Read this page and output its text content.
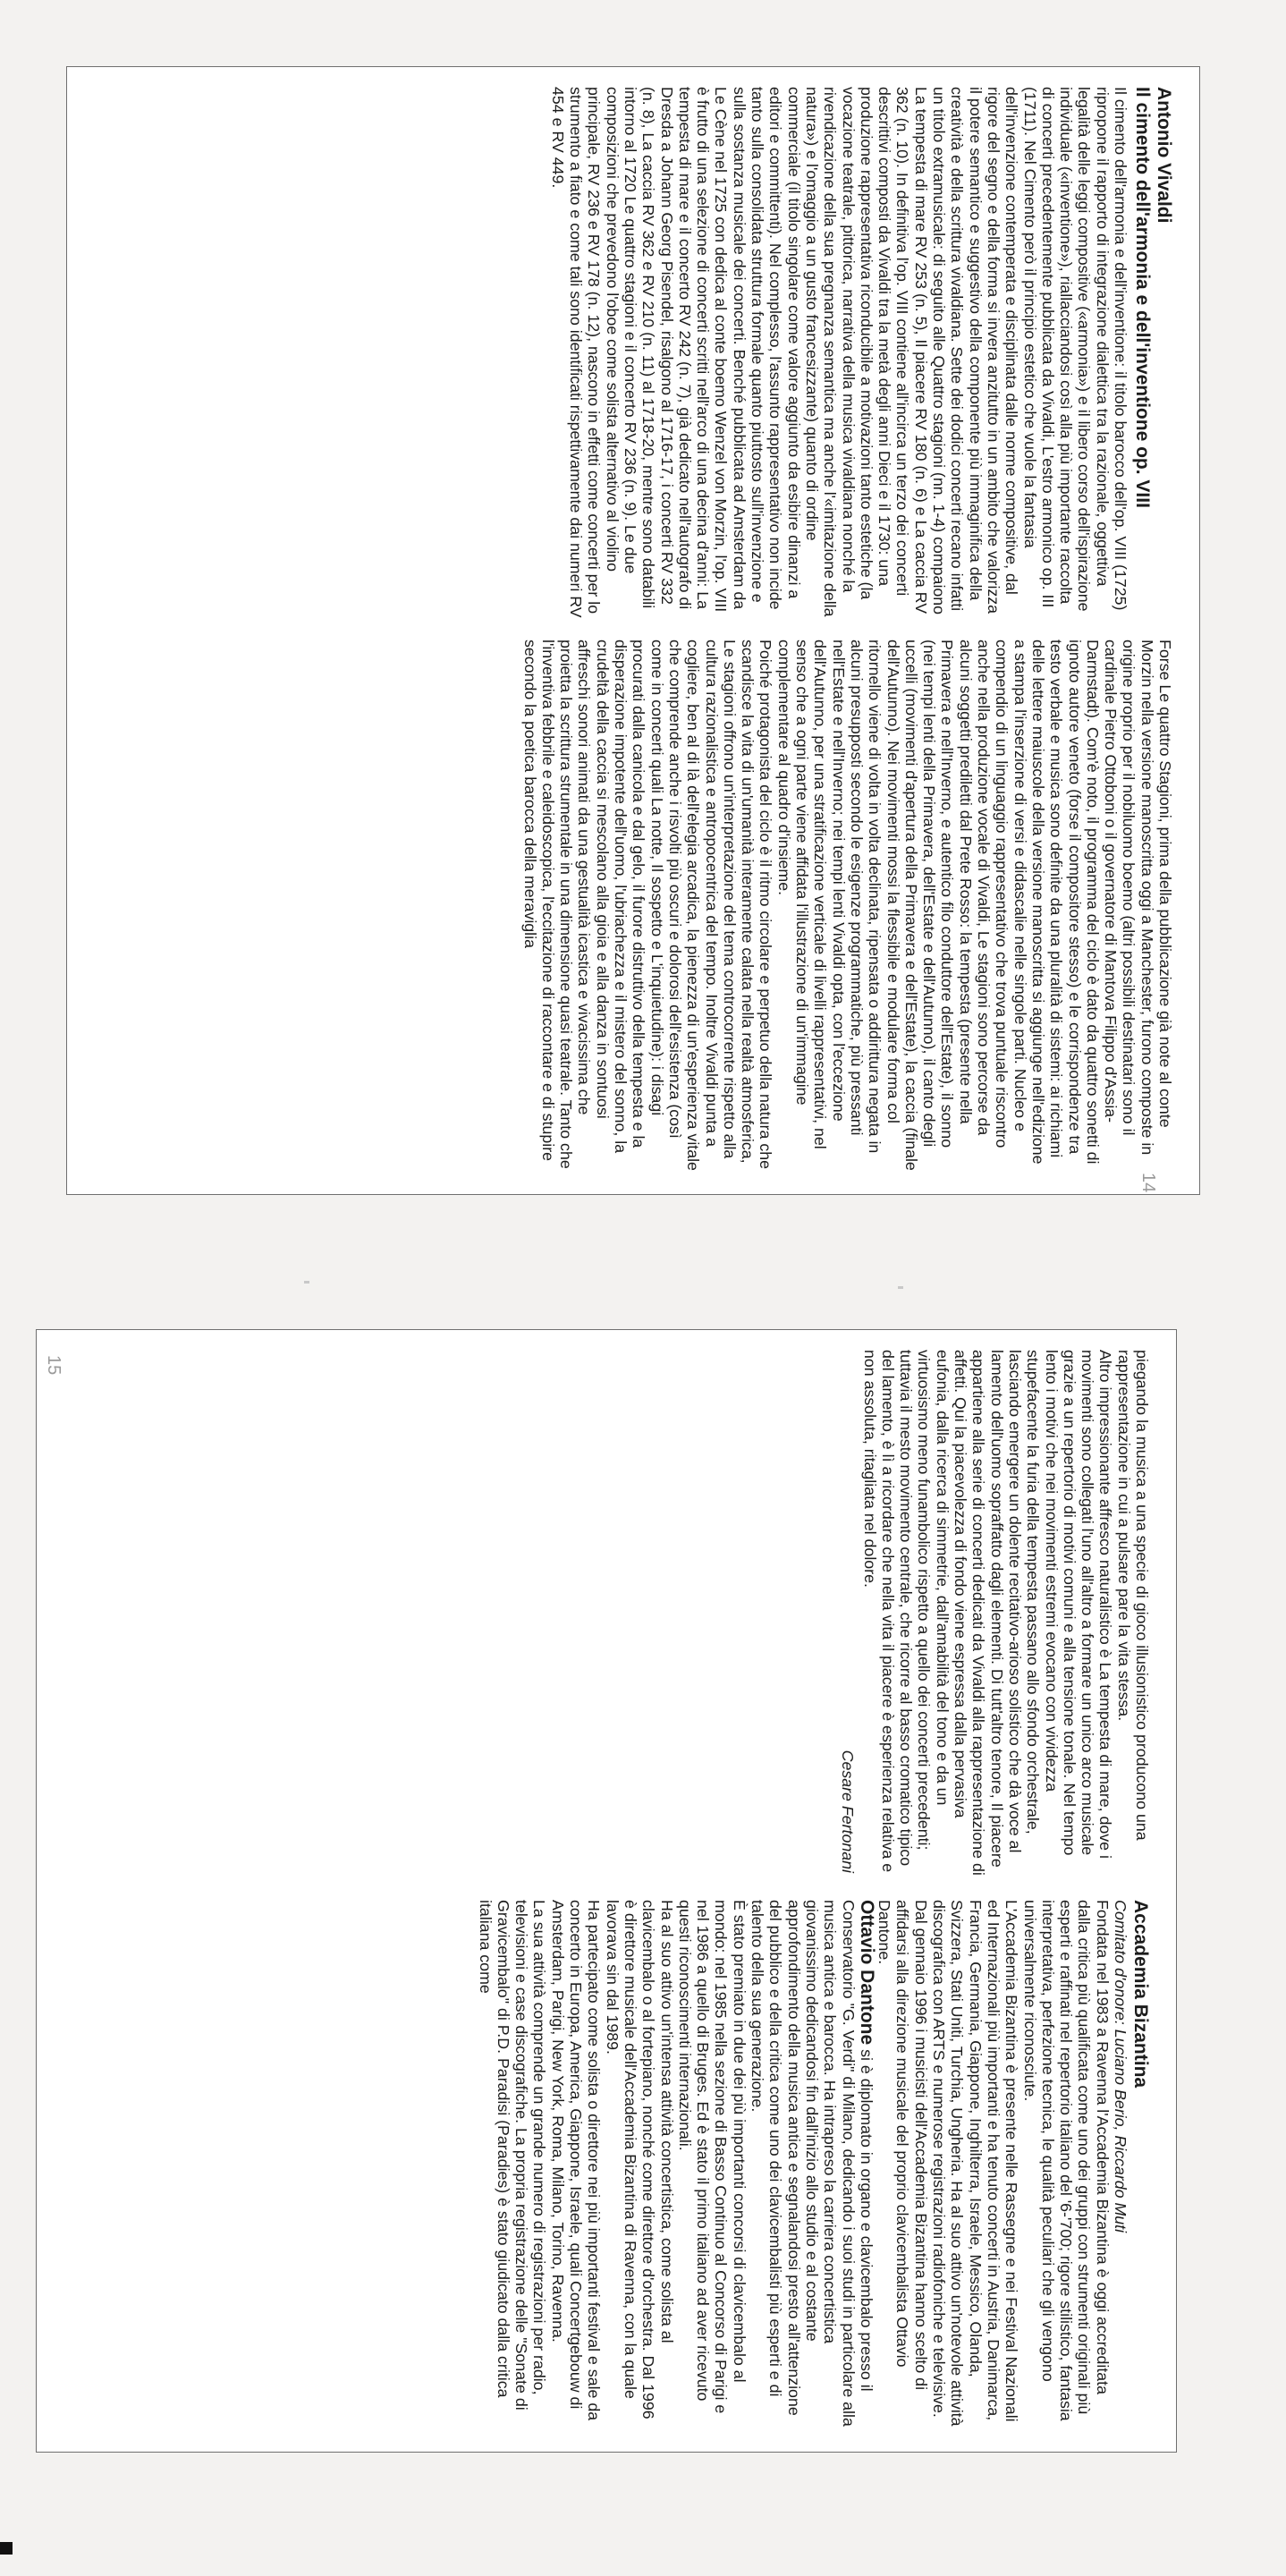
Antonio Vivaldi
Il cimento dell'armonia e dell'inventione op. VIII

Il cimento dell'armonia e dell'inventione: il titolo barocco dell'op. VIII (1725) ripropone il rapporto di integrazione dialettica tra la razionale, oggettiva legalità delle leggi compositive («armonia») e il libero corso dell'ispirazione individuale («inventione»), riallacciandosi così alla più importante raccolta di concerti precedentemente pubblicata da Vivaldi, L'estro armonico op. III (1711). Nel Cimento però il principio estetico che vuole la fantasia dell'invenzione contemperata e disciplinata dalle norme compositive, dal rigore del segno e della forma si invera anzitutto in un ambito che valorizza il potere semantico e suggestivo della componente più immaginifica della creatività e della scrittura vivaldiana. Sette dei dodici concerti recano infatti un titolo extramusicale: di seguito alle Quattro stagioni (nn. 1-4) compaiono La tempesta di mare RV 253 (n. 5), Il piacere RV 180 (n. 6) e La caccia RV 362 (n. 10). In definitiva l'op. VIII contiene all'incirca un terzo dei concerti descrittivi composti da Vivaldi tra la metà degli anni Dieci e il 1730: una produzione rappresentativa riconducibile a motivazioni tanto estetiche (la vocazione teatrale, pittorica, narrativa della musica vivaldiana nonché la rivendicazione della sua pregnanza semantica ma anche l'«imitazione della natura») e l'omaggio a un gusto francesizzante) quanto di ordine commerciale (il titolo singolare come valore aggiunto da esibire dinanzi a editori e committenti). Nel complesso, l'assunto rappresentativo non incide tanto sulla consolidata struttura formale quanto piuttosto sull'invenzione e sulla sostanza musicale dei concerti. Benché pubblicata ad Amsterdam da Le Cène nel 1725 con dedica al conte boemo Wenzel von Morzin, l'op. VIII è frutto di una selezione di concerti scritti nell'arco di una decina d'anni: La tempesta di mare e il concerto RV 242 (n. 7), già dedicato nell'autografo di Dresda a Johann Georg Pisendel, risalgono al 1716-17, i concerti RV 332 (n. 8), La caccia RV 362 e RV 210 (n. 11) al 1718-20, mentre sono databili intorno al 1720 Le quattro stagioni e il concerto RV 236 (n. 9). Le due composizioni che prevedono l'oboe come solista alternativo al violino principale, RV 236 e RV 178 (n. 12), nascono in effetti come concerti per lo strumento a fiato e come tali sono identificati rispettivamente dai numeri RV 454 e RV 449.

Forse Le quattro Stagioni, prima della pubblicazione già note al conte Morzin nella versione manoscritta oggi a Manchester, furono composte in origine proprio per il nobiluomo boemo (altri possibili destinatari sono il cardinale Pietro Ottoboni o il governatore di Mantova Filippo d'Assia-Darmstadt). Com'è noto, il programma del ciclo è dato da quattro sonetti di ignoto autore veneto (forse il compositore stesso) e le corrispondenze tra testo verbale e musica sono definite da una pluralità di sistemi: ai richiami delle lettere maiuscole della versione manoscritta si aggiunge nell'edizione a stampa l'inserzione di versi e didascalie nelle singole parti. Nucleo e compendio di un linguaggio rappresentativo che trova puntuale riscontro anche nella produzione vocale di Vivaldi, Le stagioni sono percorse da alcuni soggetti prediletti dal Prete Rosso: la tempesta (presente nella Primavera e nell'Inverno, e autentico filo conduttore dell'Estate), il sonno (nei tempi lenti della Primavera, dell'Estate e dell'Autunno), il canto degli uccelli (movimenti d'apertura della Primavera e dell'Estate), la caccia (finale dell'Autunno). Nei movimenti mossi la flessibile e modulare forma col ritornello viene di volta in volta declinata, ripensata o addirittura negata in alcuni presupposti secondo le esigenze programmatiche, più pressanti nell'Estate e nell'Inverno; nei tempi lenti Vivaldi opta, con l'eccezione dell'Autunno, per una stratificazione verticale di livelli rappresentativi, nel senso che a ogni parte viene affidata l'illustrazione di un'immagine complementare al quadro d'insieme.

Poiché protagonista del ciclo è il ritmo circolare e perpetuo della natura che scandisce la vita di un'umanità interamente calata nella realtà atmosferica, Le stagioni offrono un'interpretazione del tema controcorrente rispetto alla cultura razionalistica e antropocentrica del tempo. Inoltre Vivaldi punta a cogliere, ben al di là dell'elegia arcadica, la pienezza di un'esperienza vitale che comprende anche i risvolti più oscuri e dolorosi dell'esistenza (così come in concerti quali La notte, Il sospetto e L'inquietudine): i disagi procurati dalla canicola e dal gelo, il furore distruttivo della tempesta e la disperazione impotente dell'uomo, l'ubriachezza e il mistero del sonno, la crudeltà della caccia si mescolano alla gioia e alla danza in sontuosi affreschi sonori animati da una gestualità icastica e vivacissima che proietta la scrittura strumentale in una dimensione quasi teatrale. Tanto che l'inventiva febbrile e caleidoscopica, l'eccitazione di raccontare e di stupire secondo la poetica barocca della meraviglia

14

piegando la musica a una specie di gioco illusionistico producono una rappresentazione in cui a pulsare pare la vita stessa.

Altro impressionante affresco naturalistico è La tempesta di mare, dove i movimenti sono collegati l'uno all'altro a formare un unico arco musicale grazie a un repertorio di motivi comuni e alla tensione tonale. Nel tempo lento i motivi che nei movimenti estremi evocano con vividezza stupefacente la furia della tempesta passano allo sfondo orchestrale, lasciando emergere un dolente recitativo-arioso solistico che dà voce al lamento dell'uomo sopraffatto dagli elementi. Di tutt'altro tenore, Il piacere appartiene alla serie di concerti dedicati da Vivaldi alla rappresentazione di affetti. Qui la piacevolezza di fondo viene espressa dalla pervasiva eufonia, dalla ricerca di simmetrie, dall'amabilità del tono e da un virtuosismo meno funambolico rispetto a quello dei concerti precedenti; tuttavia il mesto movimento centrale, che ricorre al basso cromatico tipico del lamento, è lì a ricordare che nella vita il piacere è esperienza relativa e non assoluta, ritagliata nel dolore.

Cesare Fertonani
Accademia Bizantina

Comitato d'onore: Luciano Berio, Riccardo Muti

Fondata nel 1983 a Ravenna l'Accademia Bizantina è oggi accreditata dalla critica più qualificata come uno dei gruppi con strumenti originali più esperti e raffinati nel repertorio italiano del '6-'700; rigore stilistico, fantasia interpretativa, perfezione tecnica, le qualità peculiari che gli vengono universalmente riconosciute.

L'Accademia Bizantina è presente nelle Rassegne e nei Festival Nazionali ed Internazionali più importanti e ha tenuto concerti in Austria, Danimarca, Francia, Germania, Giappone, Inghilterra, Israele, Messico, Olanda, Svizzera, Stati Uniti, Turchia, Ungheria. Ha al suo attivo un'notevole attività discografica con ARTS e numerose registrazioni radiofoniche e televisive.

Dal gennaio 1996 i musicisti dell'Accademia Bizantina hanno scelto di affidarsi alla direzione musicale del proprio clavicembalista Ottavio Dantone.

Ottavio Dantone si è diplomato in organo e clavicembalo presso il Conservatorio "G. Verdi" di Milano, dedicando i suoi studi in particolare alla musica antica e barocca. Ha intrapreso la carriera concertistica giovanissimo dedicandosi fin dall'inizio allo studio e al costante approfondimento della musica antica e segnalandosi presto all'attenzione del pubblico e della critica come uno dei clavicembalisti più esperti e di talento della sua generazione.

È stato premiato in due dei più importanti concorsi di clavicembalo al mondo: nel 1985 nella sezione di Basso Continuo al Concorso di Parigi e nel 1986 a quello di Bruges. Ed è stato il primo italiano ad aver ricevuto questi riconoscimenti internazionali.

Ha al suo attivo un'intensa attività concertistica, come solista al clavicembalo o al fortepiano, nonché come direttore d'orchestra. Dal 1996 è direttore musicale dell'Accademia Bizantina di Ravenna, con la quale lavorava sin dal 1989.

Ha partecipato come solista o direttore nei più importanti festival e sale da concerto in Europa, America, Giappone, Israele, quali Concertgebouw di Amsterdam, Parigi, New York, Roma, Milano, Torino, Ravenna.

La sua attività comprende un grande numero di registrazioni per radio, televisioni e case discografiche. La propria registrazione delle "Sonate di Gravicembalo" di P.D. Paradisi (Paradies) è stato giudicato dalla critica italiana come

15
